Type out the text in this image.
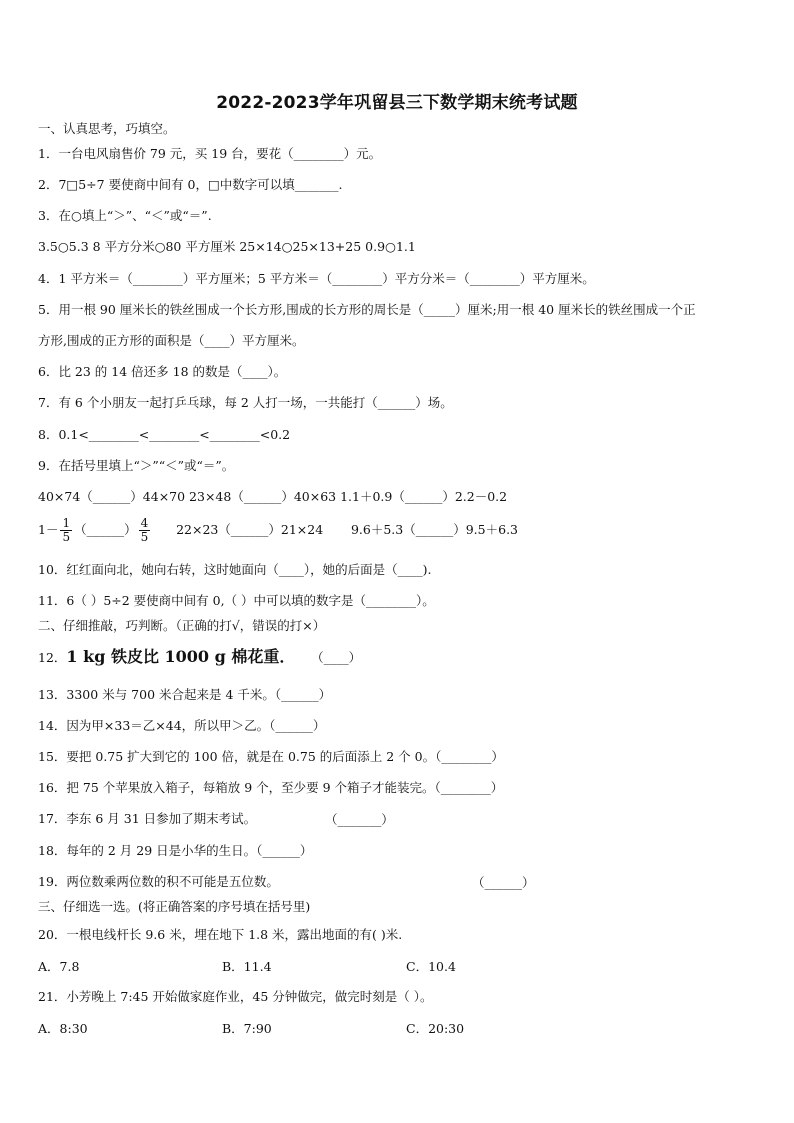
2022-2023学年巩留县三下数学期末统考试题
一、认真思考，巧填空。
1．一台电风扇售价 79 元，买 19 台，要花（________）元。
2．7□5÷7 要使商中间有 0，□中数字可以填_______.
3．在○填上“＞”、“＜”或“＝”.
3.5○5.3 8 平方分米○80 平方厘米 25×14○25×13+25 0.9○1.1
4．1 平方米＝（________）平方厘米；5 平方米＝（________）平方分米＝（________）平方厘米。
5．用一根 90 厘米长的铁丝围成一个长方形,围成的长方形的周长是（_____）厘米;用一根 40 厘米长的铁丝围成一个正
方形,围成的正方形的面积是（____）平方厘米。
6．比 23 的 14 倍还多 18 的数是（____）。
7．有 6 个小朋友一起打乒乓球，每 2 人打一场，一共能打（______）场。
8．0.1<________<________<________<0.2
9．在括号里填上“＞”“＜”或“＝”。
40×74（______）44×70 23×48（______）40×63 1.1＋0.9（______）2.2－0.2
$1- \frac{1}{5}$ （______） $\frac{4}{5}$ 22×23（______）21×24       9.6＋5.3（______）9.5＋6.3
10．红红面向北，她向右转，这时她面向（____），她的后面是（____).
11．6（ ）5÷2 要使商中间有 0,（ ）中可以填的数字是（________）。
二、仔细推敲，巧判断。（正确的打√，错误的打×）
12．1 kg 铁皮比 1000 g 棉花重． （____）
13．3300 米与 700 米合起来是 4 千米。（______）
14．因为甲×33＝乙×44，所以甲＞乙。（______）
15．要把 0.75 扩大到它的 100 倍，就是在 0.75 的后面添上 2 个 0。（________）
16．把 75 个苹果放入箱子，每箱放 9 个，至少要 9 个箱子才能装完。（________）
17．李东 6 月 31 日参加了期末考试。	（_______）
18．每年的 2 月 29 日是小华的生日。（______）
19．两位数乘两位数的积不可能是五位数。	（______）
三、仔细选一选。(将正确答案的序号填在括号里)
20．一根电线杆长 9.6 米，埋在地下 1.8 米，露出地面的有( )米.
A．7.8	B．11.4	C．10.4
21．小芳晚上 7:45 开始做家庭作业，45 分钟做完，做完时刻是（ ）。
A．8:30	B．7:90	C．20:30
